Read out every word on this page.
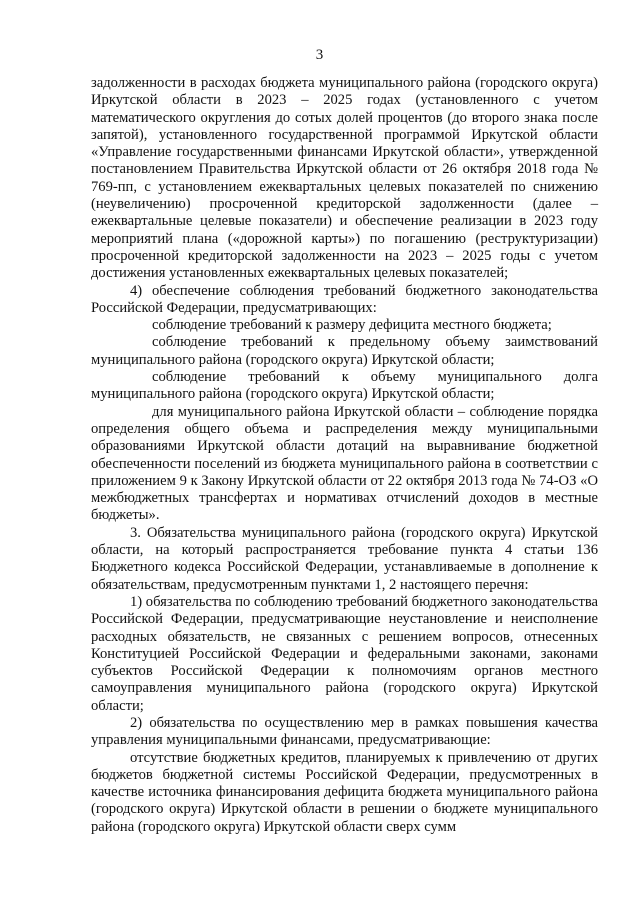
3

задолженности в расходах бюджета муниципального района (городского округа) Иркутской области в 2023 – 2025 годах (установленного с учетом математического округления до сотых долей процентов (до второго знака после запятой), установленного государственной программой Иркутской области «Управление государственными финансами Иркутской области», утвержденной постановлением Правительства Иркутской области от 26 октября 2018 года № 769-пп, с установлением ежеквартальных целевых показателей по снижению (неувеличению) просроченной кредиторской задолженности (далее – ежеквартальные целевые показатели) и обеспечение реализации в 2023 году мероприятий плана («дорожной карты») по погашению (реструктуризации) просроченной кредиторской задолженности на 2023 – 2025 годы с учетом достижения установленных ежеквартальных целевых показателей;

4) обеспечение соблюдения требований бюджетного законодательства Российской Федерации, предусматривающих:

соблюдение требований к размеру дефицита местного бюджета;

соблюдение требований к предельному объему заимствований муниципального района (городского округа) Иркутской области;

соблюдение требований к объему муниципального долга муниципального района (городского округа) Иркутской области;

для муниципального района Иркутской области – соблюдение порядка определения общего объема и распределения между муниципальными образованиями Иркутской области дотаций на выравнивание бюджетной обеспеченности поселений из бюджета муниципального района в соответствии с приложением 9 к Закону Иркутской области от 22 октября 2013 года № 74-ОЗ «О межбюджетных трансфертах и нормативах отчислений доходов в местные бюджеты».

3. Обязательства муниципального района (городского округа) Иркутской области, на который распространяется требование пункта 4 статьи 136 Бюджетного кодекса Российской Федерации, устанавливаемые в дополнение к обязательствам, предусмотренным пунктами 1, 2 настоящего перечня:

1) обязательства по соблюдению требований бюджетного законодательства Российской Федерации, предусматривающие неустановление и неисполнение расходных обязательств, не связанных с решением вопросов, отнесенных Конституцией Российской Федерации и федеральными законами, законами субъектов Российской Федерации к полномочиям органов местного самоуправления муниципального района (городского округа) Иркутской области;

2) обязательства по осуществлению мер в рамках повышения качества управления муниципальными финансами, предусматривающие:

отсутствие бюджетных кредитов, планируемых к привлечению от других бюджетов бюджетной системы Российской Федерации, предусмотренных в качестве источника финансирования дефицита бюджета муниципального района (городского округа) Иркутской области в решении о бюджете муниципального района (городского округа) Иркутской области сверх сумм
